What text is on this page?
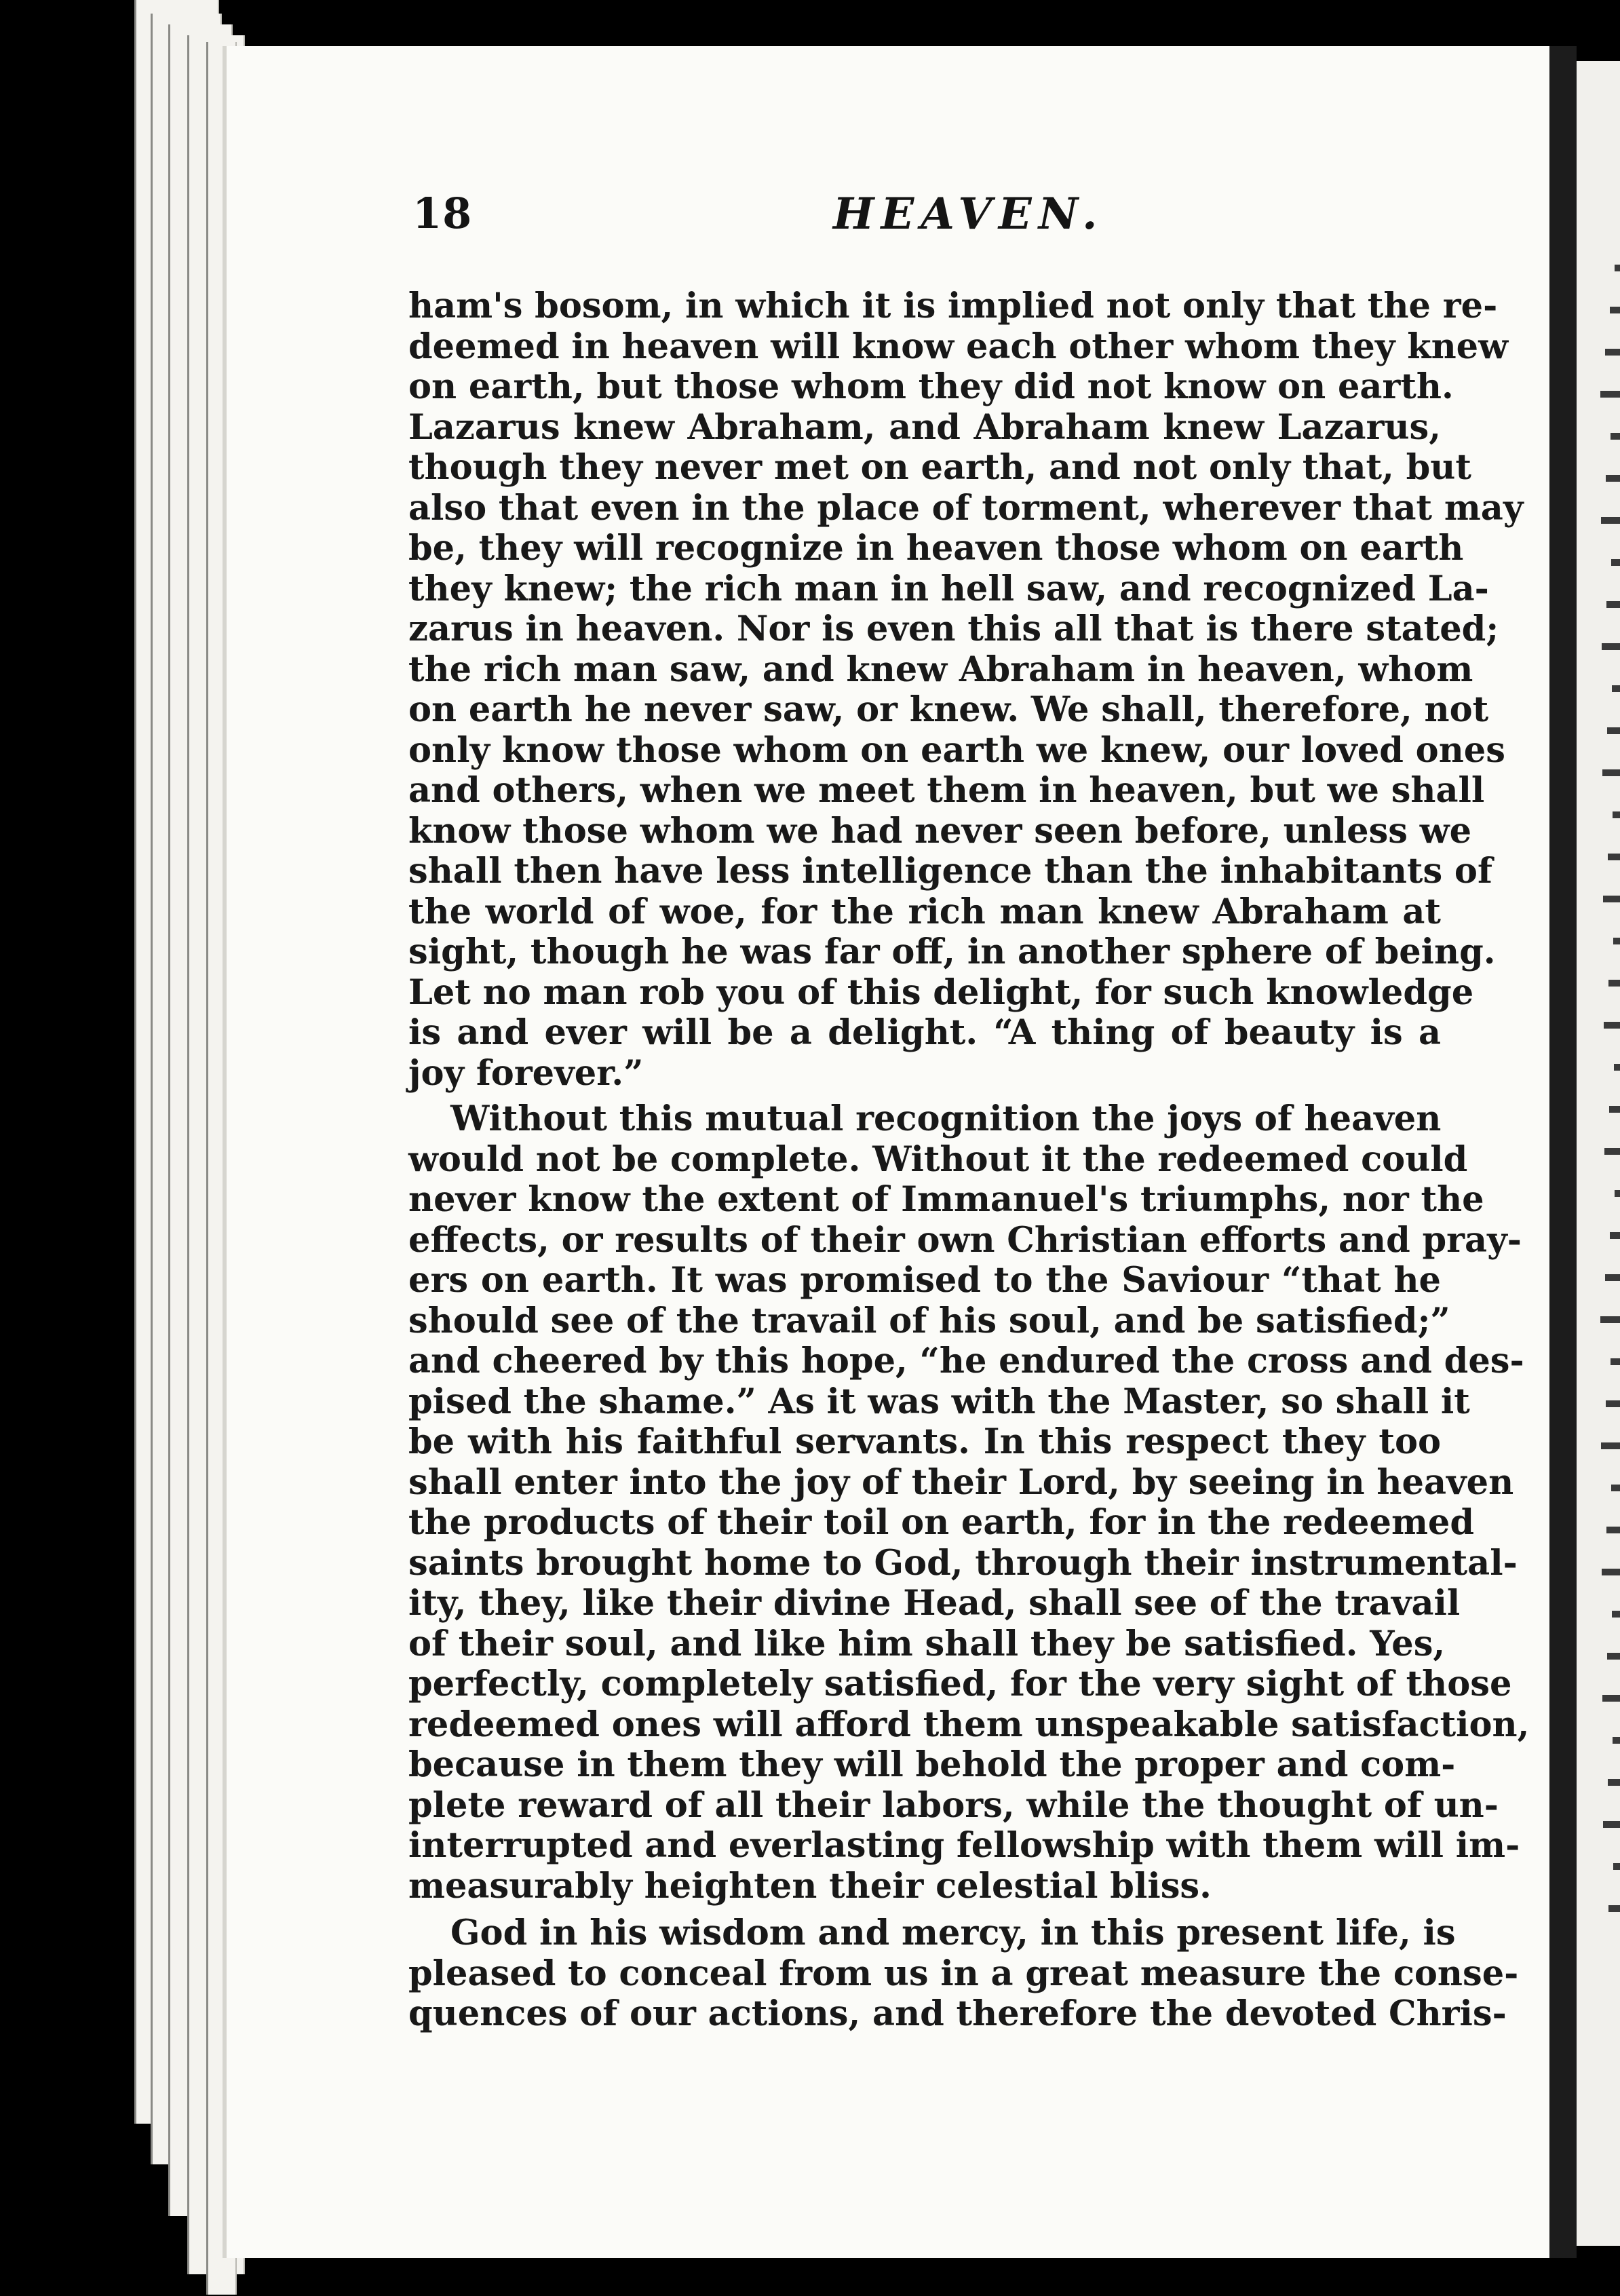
18	HEAVEN.
ham's bosom, in which it is implied not only that the re-
deemed in heaven will know each other whom they knew
on earth, but those whom they did not know on earth.
Lazarus knew Abraham, and Abraham knew Lazarus,
though they never met on earth, and not only that, but
also that even in the place of torment, wherever that may
be, they will recognize in heaven those whom on earth
they knew; the rich man in hell saw, and recognized La-
zarus in heaven. Nor is even this all that is there stated;
the rich man saw, and knew Abraham in heaven, whom
on earth he never saw, or knew. We shall, therefore, not
only know those whom on earth we knew, our loved ones
and others, when we meet them in heaven, but we shall
know those whom we had never seen before, unless we
shall then have less intelligence than the inhabitants of
the world of woe, for the rich man knew Abraham at
sight, though he was far off, in another sphere of being.
Let no man rob you of this delight, for such knowledge
is and ever will be a delight. “A thing of beauty is a
joy forever.”
Without this mutual recognition the joys of heaven
would not be complete. Without it the redeemed could
never know the extent of Immanuel's triumphs, nor the
effects, or results of their own Christian efforts and pray-
ers on earth. It was promised to the Saviour “that he
should see of the travail of his soul, and be satisfied;”
and cheered by this hope, “he endured the cross and des-
pised the shame.” As it was with the Master, so shall it
be with his faithful servants. In this respect they too
shall enter into the joy of their Lord, by seeing in heaven
the products of their toil on earth, for in the redeemed
saints brought home to God, through their instrumental-
ity, they, like their divine Head, shall see of the travail
of their soul, and like him shall they be satisfied. Yes,
perfectly, completely satisfied, for the very sight of those
redeemed ones will afford them unspeakable satisfaction,
because in them they will behold the proper and com-
plete reward of all their labors, while the thought of un-
interrupted and everlasting fellowship with them will im-
measurably heighten their celestial bliss.
God in his wisdom and mercy, in this present life, is
pleased to conceal from us in a great measure the conse-
quences of our actions, and therefore the devoted Chris-
